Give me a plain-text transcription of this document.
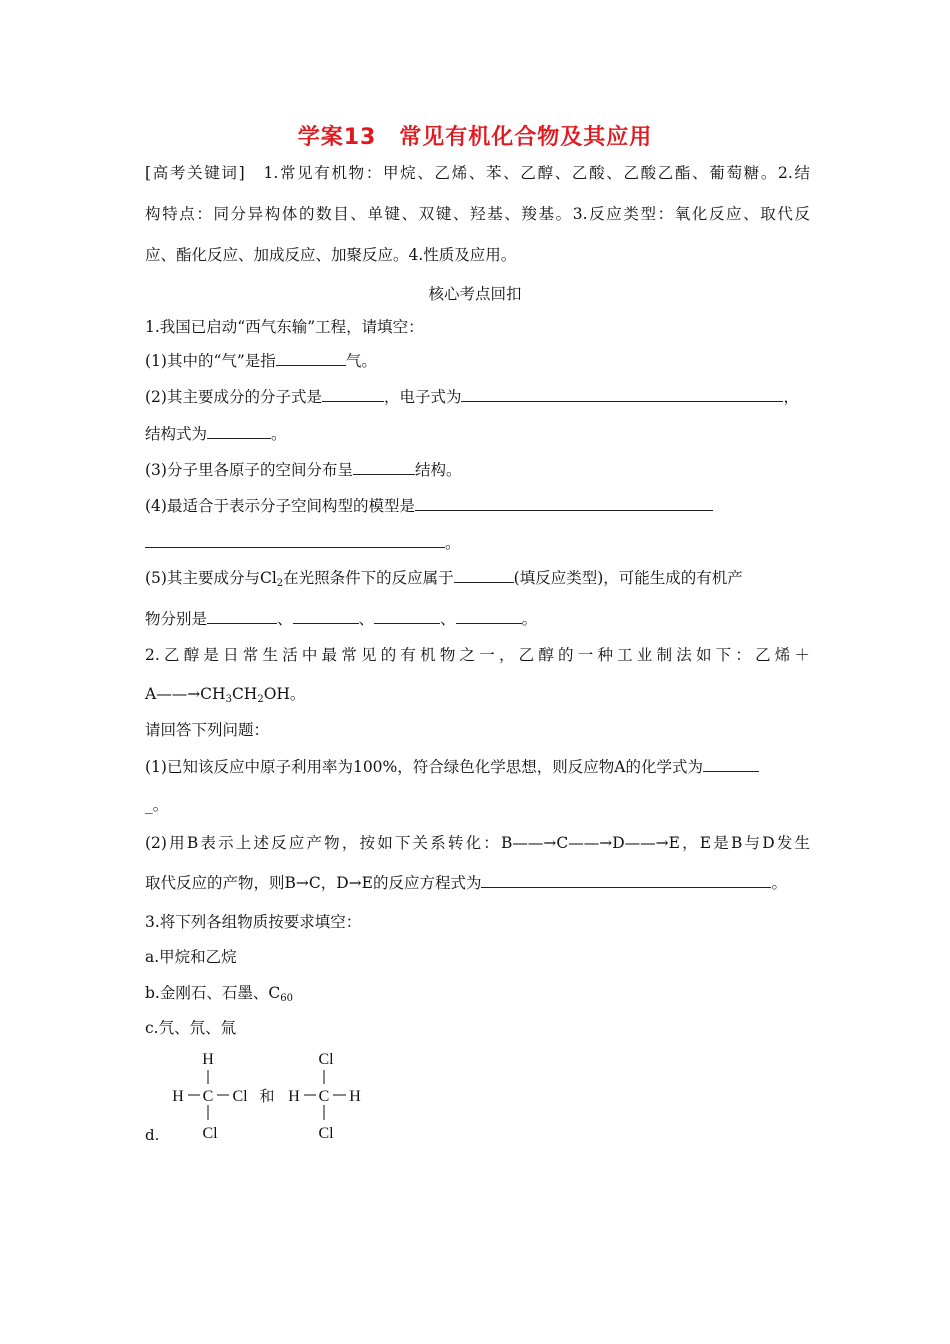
学案13　常见有机化合物及其应用
[高考关键词]　 1.常见有机物：甲烷、乙烯、苯、乙醇、乙酸、乙酸乙酯、葡萄糖。2.结
构特点：同分异构体的数目、单键、双键、羟基、羧基。3.反应类型：氧化反应、取代反
应、酯化反应、加成反应、加聚反应。4.性质及应用。
核心考点回扣
1.我国已启动“西气东输”工程，请填空：
(1)其中的“气”是指	气。
(2)其主要成分的分子式是	，电子式为	，
结构式为	。
(3)分子里各原子的空间分布呈	结构。
(4)最适合于表示分子空间构型的模型是
。
(5)其主要成分与$Cl_2$在光照条件下的反应属于	(填反应类型)，可能生成的有机产
物分别是	、	、	、	。
2.乙醇是日常生活中最常见的有机物之一，乙醇的一种工业制法如下：乙烯＋
$A——\to CH_3CH_2OH$。
请回答下列问题：
(1)已知该反应中原子利用率为100%，符合绿色化学思想，则反应物A的化学式为
_。
(2)用B表示上述反应产物，按如下关系转化：B——→C——→D——→E，E是B与D发生
取代反应的产物，则B→C，D→E的反应方程式为	。
3.将下列各组物质按要求填空：
a.甲烷和乙烷
b.金刚石、石墨、$C_{60}$
c.氕、氘、氚
H
H C Cl
Cl
和
Cl
H C H
Cl
d.
